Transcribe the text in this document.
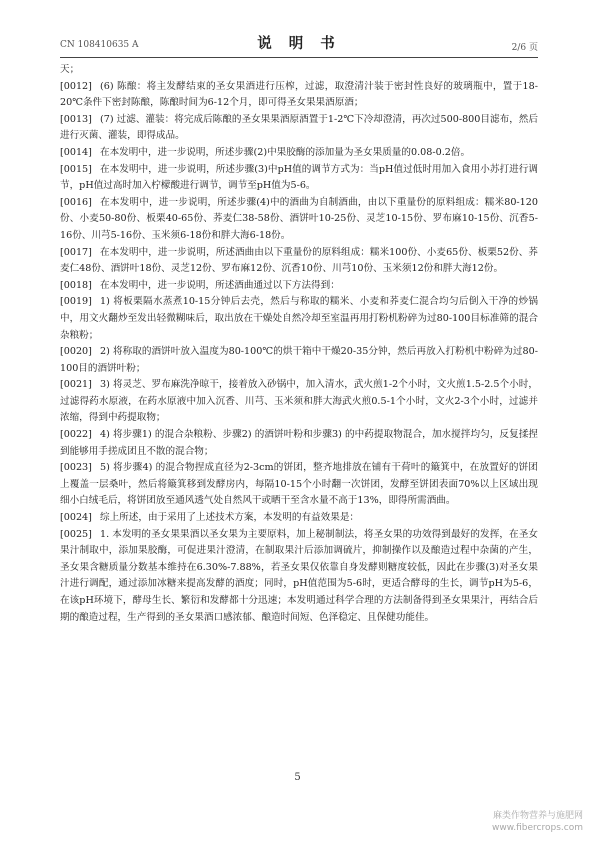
CN 108410635 A	说 明 书	2/6 页

天；

[0012] (6) 陈酿：将主发酵结束的圣女果酒进行压榨，过滤，取澄清汁装于密封性良好的玻璃瓶中，置于18-20℃条件下密封陈酿，陈酿时间为6-12个月，即可得圣女果果酒原酒；

[0013] (7) 过滤、灌装：将完成后陈酿的圣女果果酒原酒置于1-2℃下冷却澄清，再次过500-800目滤布，然后进行灭菌、灌装，即得成品。

[0014] 在本发明中，进一步说明，所述步骤(2)中果胶酶的添加量为圣女果质量的0.08-0.2倍。

[0015] 在本发明中，进一步说明，所述步骤(3)中pH值的调节方式为：当pH值过低时用加入食用小苏打进行调节，pH值过高时加入柠檬酸进行调节，调节至pH值为5-6。

[0016] 在本发明中，进一步说明，所述步骤(4)中的酒曲为自制酒曲，由以下重量份的原料组成：糯米80-120份、小麦50-80份、板栗40-65份、荞麦仁38-58份、酒饼叶10-25份、灵芝10-15份、罗布麻10-15份、沉香5-16份、川芎5-16份、玉米须6-18份和胖大海6-18份。

[0017] 在本发明中，进一步说明，所述酒曲由以下重量份的原料组成：糯米100份、小麦65份、板栗52份、荞麦仁48份、酒饼叶18份、灵芝12份、罗布麻12份、沉香10份、川芎10份、玉米须12份和胖大海12份。

[0018] 在本发明中，进一步说明，所述酒曲通过以下方法得到：

[0019] 1) 将板栗隔水蒸煮10-15分钟后去壳，然后与称取的糯米、小麦和荞麦仁混合均匀后倒入干净的炒锅中，用文火翻炒至发出轻微糊味后，取出放在干燥处自然冷却至室温再用打粉机粉碎为过80-100目标准筛的混合杂粮粉；

[0020] 2) 将称取的酒饼叶放入温度为80-100℃的烘干箱中干燥20-35分钟，然后再放入打粉机中粉碎为过80-100目的酒饼叶粉；

[0021] 3) 将灵芝、罗布麻洗净晾干，接着放入砂锅中，加入清水，武火煎1-2个小时，文火煎1.5-2.5个小时，过滤得药水原液，在药水原液中加入沉香、川芎、玉米须和胖大海武火煎0.5-1个小时，文火2-3个小时，过滤并浓缩，得到中药提取物；

[0022] 4) 将步骤1) 的混合杂粮粉、步骤2) 的酒饼叶粉和步骤3) 的中药提取物混合，加水搅拌均匀，反复揉捏到能够用手搓成团且不散的混合物；

[0023] 5) 将步骤4) 的混合物捏成直径为2-3cm的饼团，整齐地排放在铺有干荷叶的簸箕中，在放置好的饼团上覆盖一层桑叶，然后将簸箕移到发酵房内，每隔10-15个小时翻一次饼团，发酵至饼团表面70%以上区域出现细小白绒毛后，将饼团放至通风透气处自然风干或晒干至含水量不高于13%，即得所需酒曲。

[0024] 综上所述，由于采用了上述技术方案，本发明的有益效果是：

[0025] 1. 本发明的圣女果果酒以圣女果为主要原料，加上秘制制法，将圣女果的功效得到最好的发挥，在圣女果汁制取中，添加果胶酶，可促进果汁澄清，在制取果汁后添加调硫片，抑制操作以及酿造过程中杂菌的产生，圣女果含糖质量分数基本维持在6.30%-7.88%，若圣女果仅依靠自身发酵则糖度较低，因此在步骤(3)对圣女果汁进行调配，通过添加冰糖来提高发酵的酒度；同时，pH值范围为5-6时，更适合酵母的生长，调节pH为5-6，在该pH环境下，酵母生长、繁衍和发酵都十分迅速；本发明通过科学合理的方法制备得到圣女果果汁，再结合后期的酿造过程，生产得到的圣女果酒口感浓郁、酿造时间短、色泽稳定、且保健功能佳。

5
麻类作物营养与施肥网
www.fibercrops.com
